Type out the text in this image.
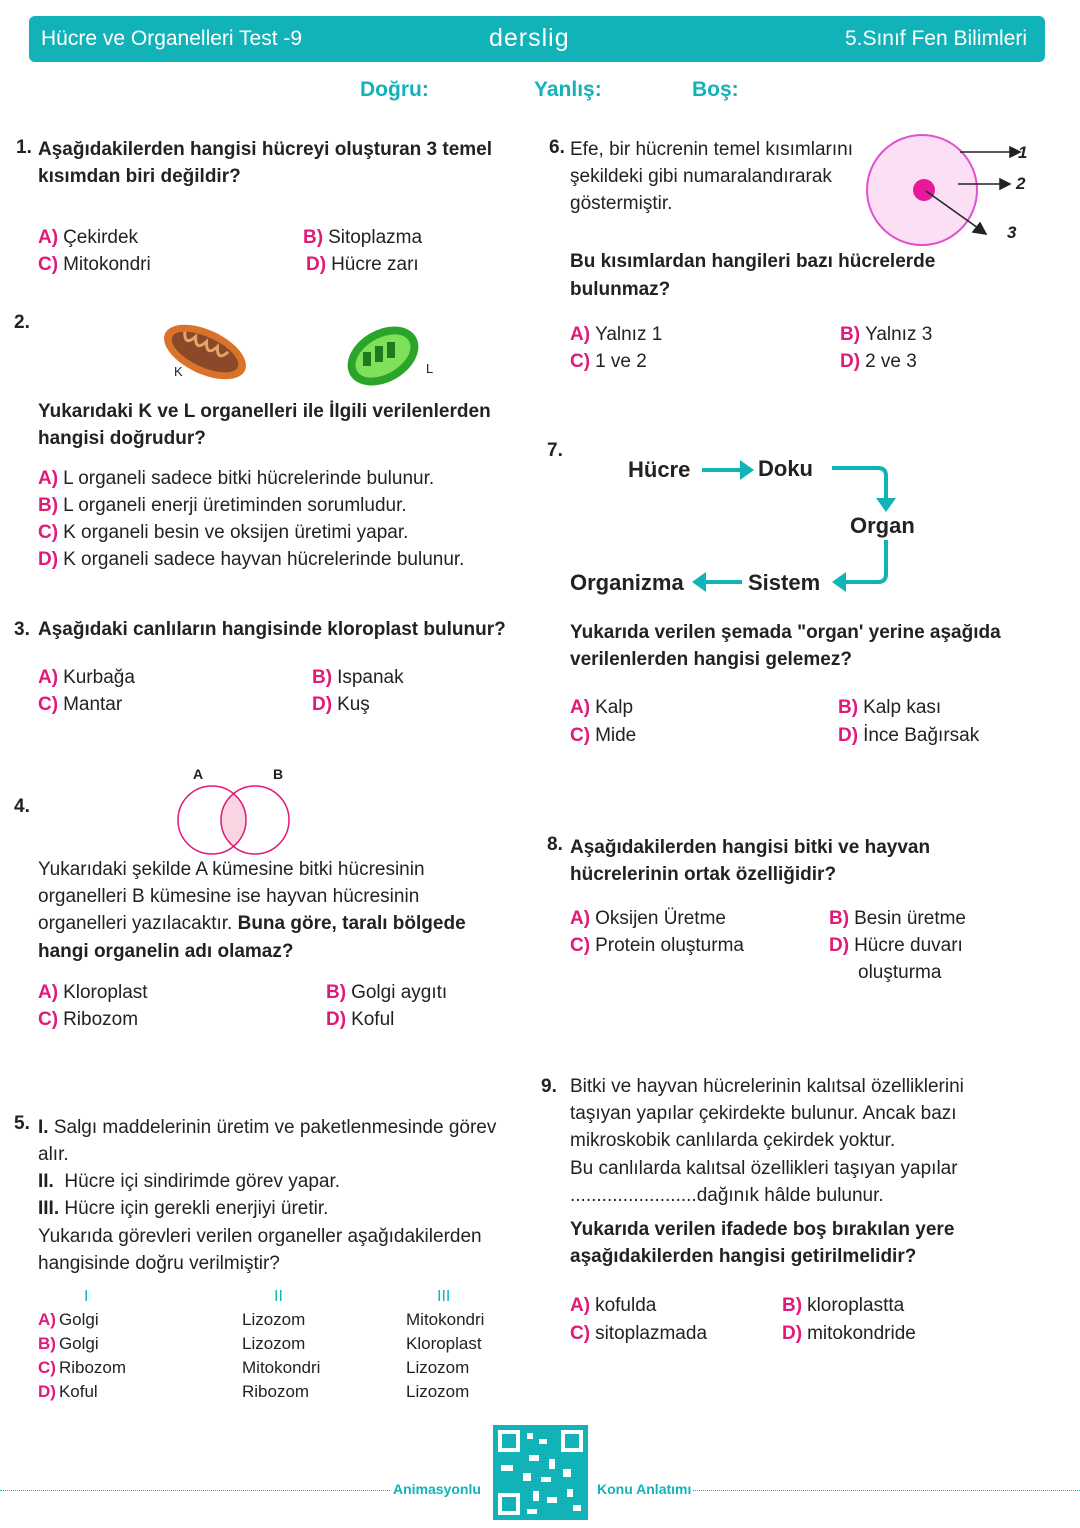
Hücre ve Organelleri Test -9	derslig	5.Sınıf Fen Bilimleri
Doğru:	Yanlış:	Boş:
1. Aşağıdakilerden hangisi hücreyi oluşturan 3 temel
kısımdan biri değildir?
A) Çekirdek	B) Sitoplazma
C) Mitokondri	D) Hücre zarı
2.
K	L
Yukarıdaki K ve L organelleri ile İlgili verilenlerden
hangisi doğrudur?
A) L organeli sadece bitki hücrelerinde bulunur.
B) L organeli enerji üretiminden sorumludur.
C) K organeli besin ve oksijen üretimi yapar.
D) K organeli sadece hayvan hücrelerinde bulunur.
3. Aşağıdaki canlıların hangisinde kloroplast bulunur?
A) Kurbağa	B) Ispanak
C) Mantar	D) Kuş
A	B
4.
Yukarıdaki şekilde A kümesine bitki hücresinin
organelleri B kümesine ise hayvan hücresinin
organelleri yazılacaktır. Buna göre, taralı bölgede
hangi organelin adı olamaz?
A) Kloroplast	B) Golgi aygıtı
C) Ribozom	D) Koful
5. I. Salgı maddelerinin üretim ve paketlenmesinde görev
alır.
II. Hücre içi sindirimde görev yapar.
III. Hücre için gerekli enerjiyi üretir.
Yukarıda görevleri verilen organeller aşağıdakilerden
hangisinde doğru verilmiştir?
I	II	III
A) Golgi	Lizozom	Mitokondri
B) Golgi	Lizozom	Kloroplast
C) Ribozom	Mitokondri	Lizozom
D) Koful	Ribozom	Lizozom
6. Efe, bir hücrenin temel kısımlarını
şekildeki gibi numaralandırarak
göstermiştir.
1
2
3
Bu kısımlardan hangileri bazı hücrelerde
bulunmaz?
A) Yalnız 1	B) Yalnız 3
C) 1 ve 2	D) 2 ve 3
7.
Hücre	Doku
Organ
Sistem
Organizma
Yukarıda verilen şemada "organ' yerine aşağıda
verilenlerden hangisi gelemez?
A) Kalp	B) Kalp kası
C) Mide	D) İnce Bağırsak
8. Aşağıdakilerden hangisi bitki ve hayvan
hücrelerinin ortak özelliğidir?
A) Oksijen Üretme	B) Besin üretme
C) Protein oluşturma	D) Hücre duvarı
oluşturma
9. Bitki ve hayvan hücrelerinin kalıtsal özelliklerini
taşıyan yapılar çekirdekte bulunur. Ancak bazı
mikroskobik canlılarda çekirdek yoktur.
Bu canlılarda kalıtsal özellikleri taşıyan yapılar
........................dağınık hâlde bulunur.
Yukarıda verilen ifadede boş bırakılan yere
aşağıdakilerden hangisi getirilmelidir?
A) kofulda	B) kloroplastta
C) sitoplazmada	D) mitokondride
Animasyonlu	Konu Anlatımı
